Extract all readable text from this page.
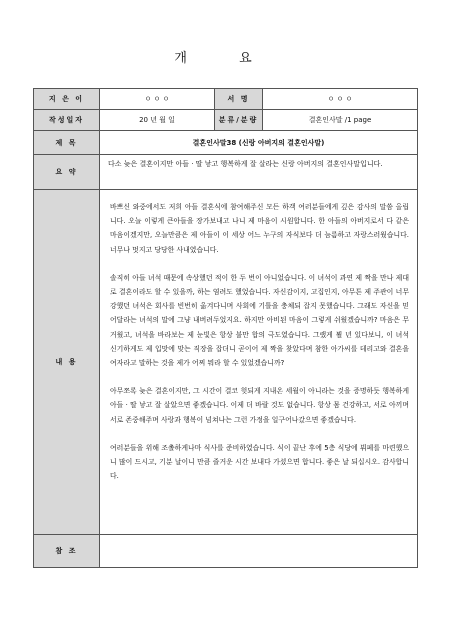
개 요
지 은 이	ㅇ ㅇ ㅇ	서 명	ㅇ ㅇ ㅇ
작성일자	20 년 월 일	분류/분량	결혼인사말 /1 page
제 목	결혼인사말38 (신랑 아버지의 결혼인사말)		
요 약	다소 늦은 결혼이지만 아들 · 딸 낳고 행복하게 잘 살라는 신랑 아버지의 결혼인사말입니다.		
내 용	바쁘신 와중에서도 저희 아들 결혼식에 참여해주신 모든 하객 여러분들에게 깊은 감사의 말씀 올립니다. 오늘 이렇게 큰아들을 장가보내고 나니 제 마음이 시원합니다. 한 아들의 아버지로서 다 같은 마음이겠지만, 오늘만큼은 제 아들이 이 세상 어느 누구의 자식보다 더 늠름하고 자랑스러웠습니다. 너무나 멋지고 당당한 사내였습니다.

솔직히 아들 녀석 때문에 속상했던 적이 한 두 번이 아니었습니다. 이 녀석이 과연 제 짝을 만나 제대로 결혼이라도 할 수 있을까, 하는 염려도 했었습니다. 자신감이지, 고집인지, 아무튼 제 주관이 너무 강했던 녀석은 회사를 빈번히 옮겨다니며 사회에 기틀을 충체되 잡지 못했습니다. 그래도 자신을 믿어달라는 녀석의 말에 그냥 내버려두었지요. 하지만 아비된 마음이 그렇게 쉬웠겠습니까? 마음은 무거웠고, 녀석을 바라보는 제 눈빛은 항상 불만 합의 극도였습니다. 그랬게 뵐 년 있다보니, 이 녀석 신기하게도 제 입맛에 맞는 직장을 잡더니 곧이어 제 짝을 찾았다며 참한 아가씨를 데리고와 결혼을 여자라고 말하는 것을 제가 어찌 뭐라 할 수 있었겠습니까?

아무쪼록 늦은 결혼이지만, 그 시간이 결코 헛되게 지내온 세월이 아니라는 것을 증명하듯 행복하게 아들 · 딸 낳고 잘 살았으면 좋겠습니다. 이제 더 바랄 것도 없습니다. 항상 몸 건강하고, 서로 아끼며 서로 존중해주며 사랑과 행복이 넘쳐나는 그런 가정을 일구어나갔으면 좋겠습니다.

여러분들을 위해 조촐하게나마 식사를 준비하였습니다. 식이 끝난 후에 5층 식당에 뷔페를 마련했으니 많이 드시고, 기분 날이니 만큼 즐거운 시간 보내다 가셨으면 합니다. 좋은 날 되십시오. 감사합니다.		

참 조			
